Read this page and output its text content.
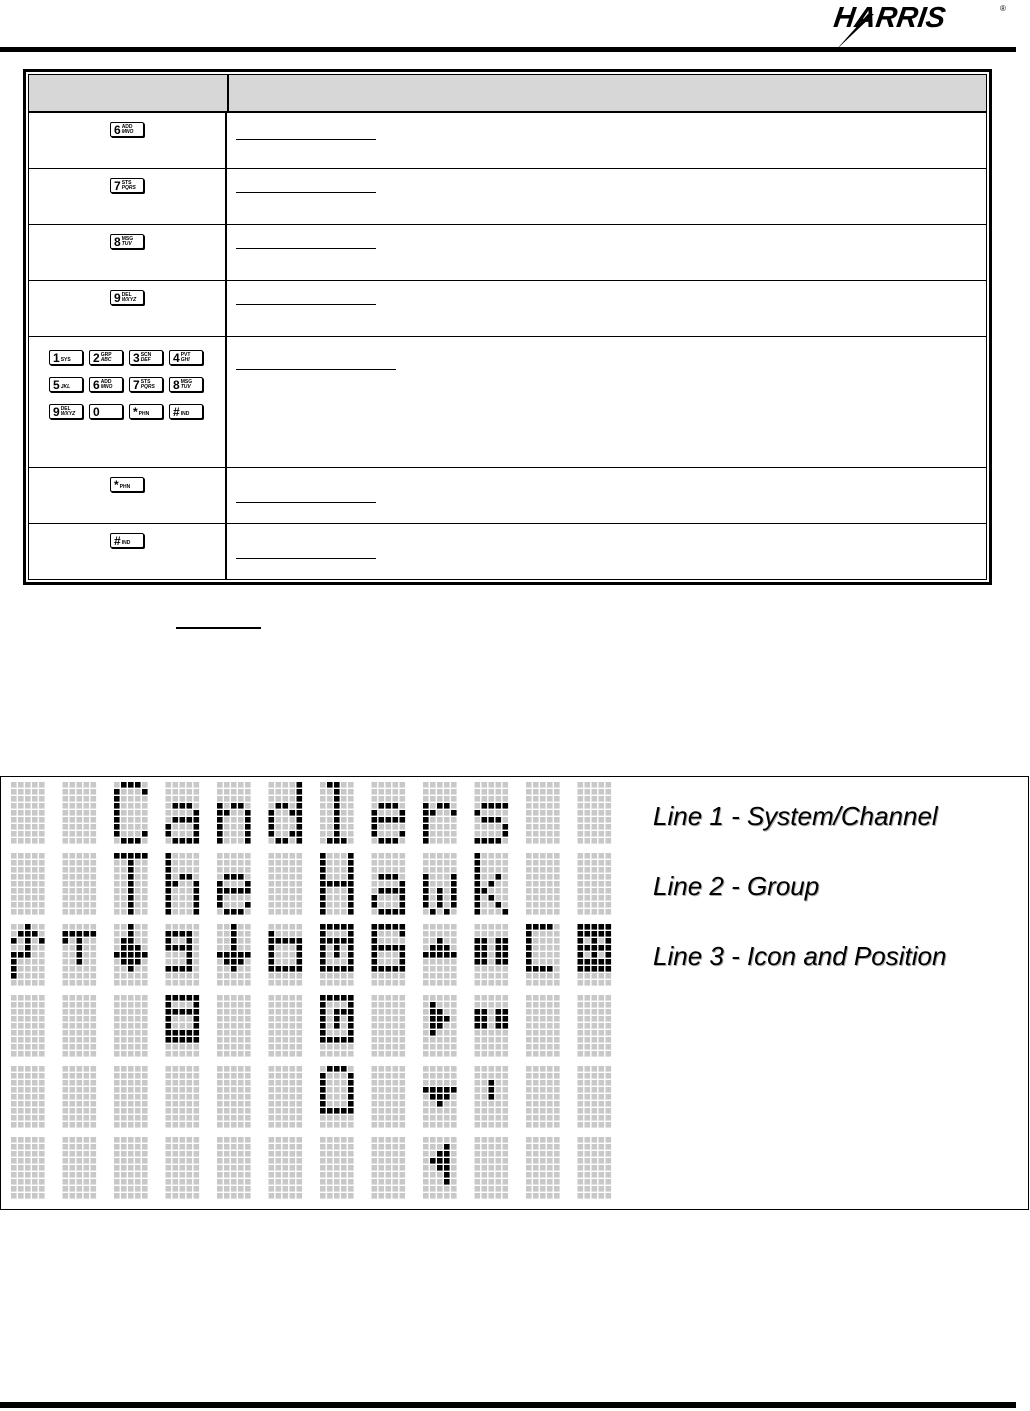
HARRIS	®
6 ADD
MNO
7 STS
PQRS
8 MSG
TUV
9 DEL
WXYZ
1 SYS 2 GRP
ABC 3 SCN
DEF 4 PVT
GHI
5 JKL 6 ADD
MNO 7 STS
PQRS 8 MSG
TUV
9 DEL
WXYZ 0	* PHN # IND
* PHN
# IND
Line 1 - System/Channel
Line 2 - Group
Line 3 - Icon and Position
